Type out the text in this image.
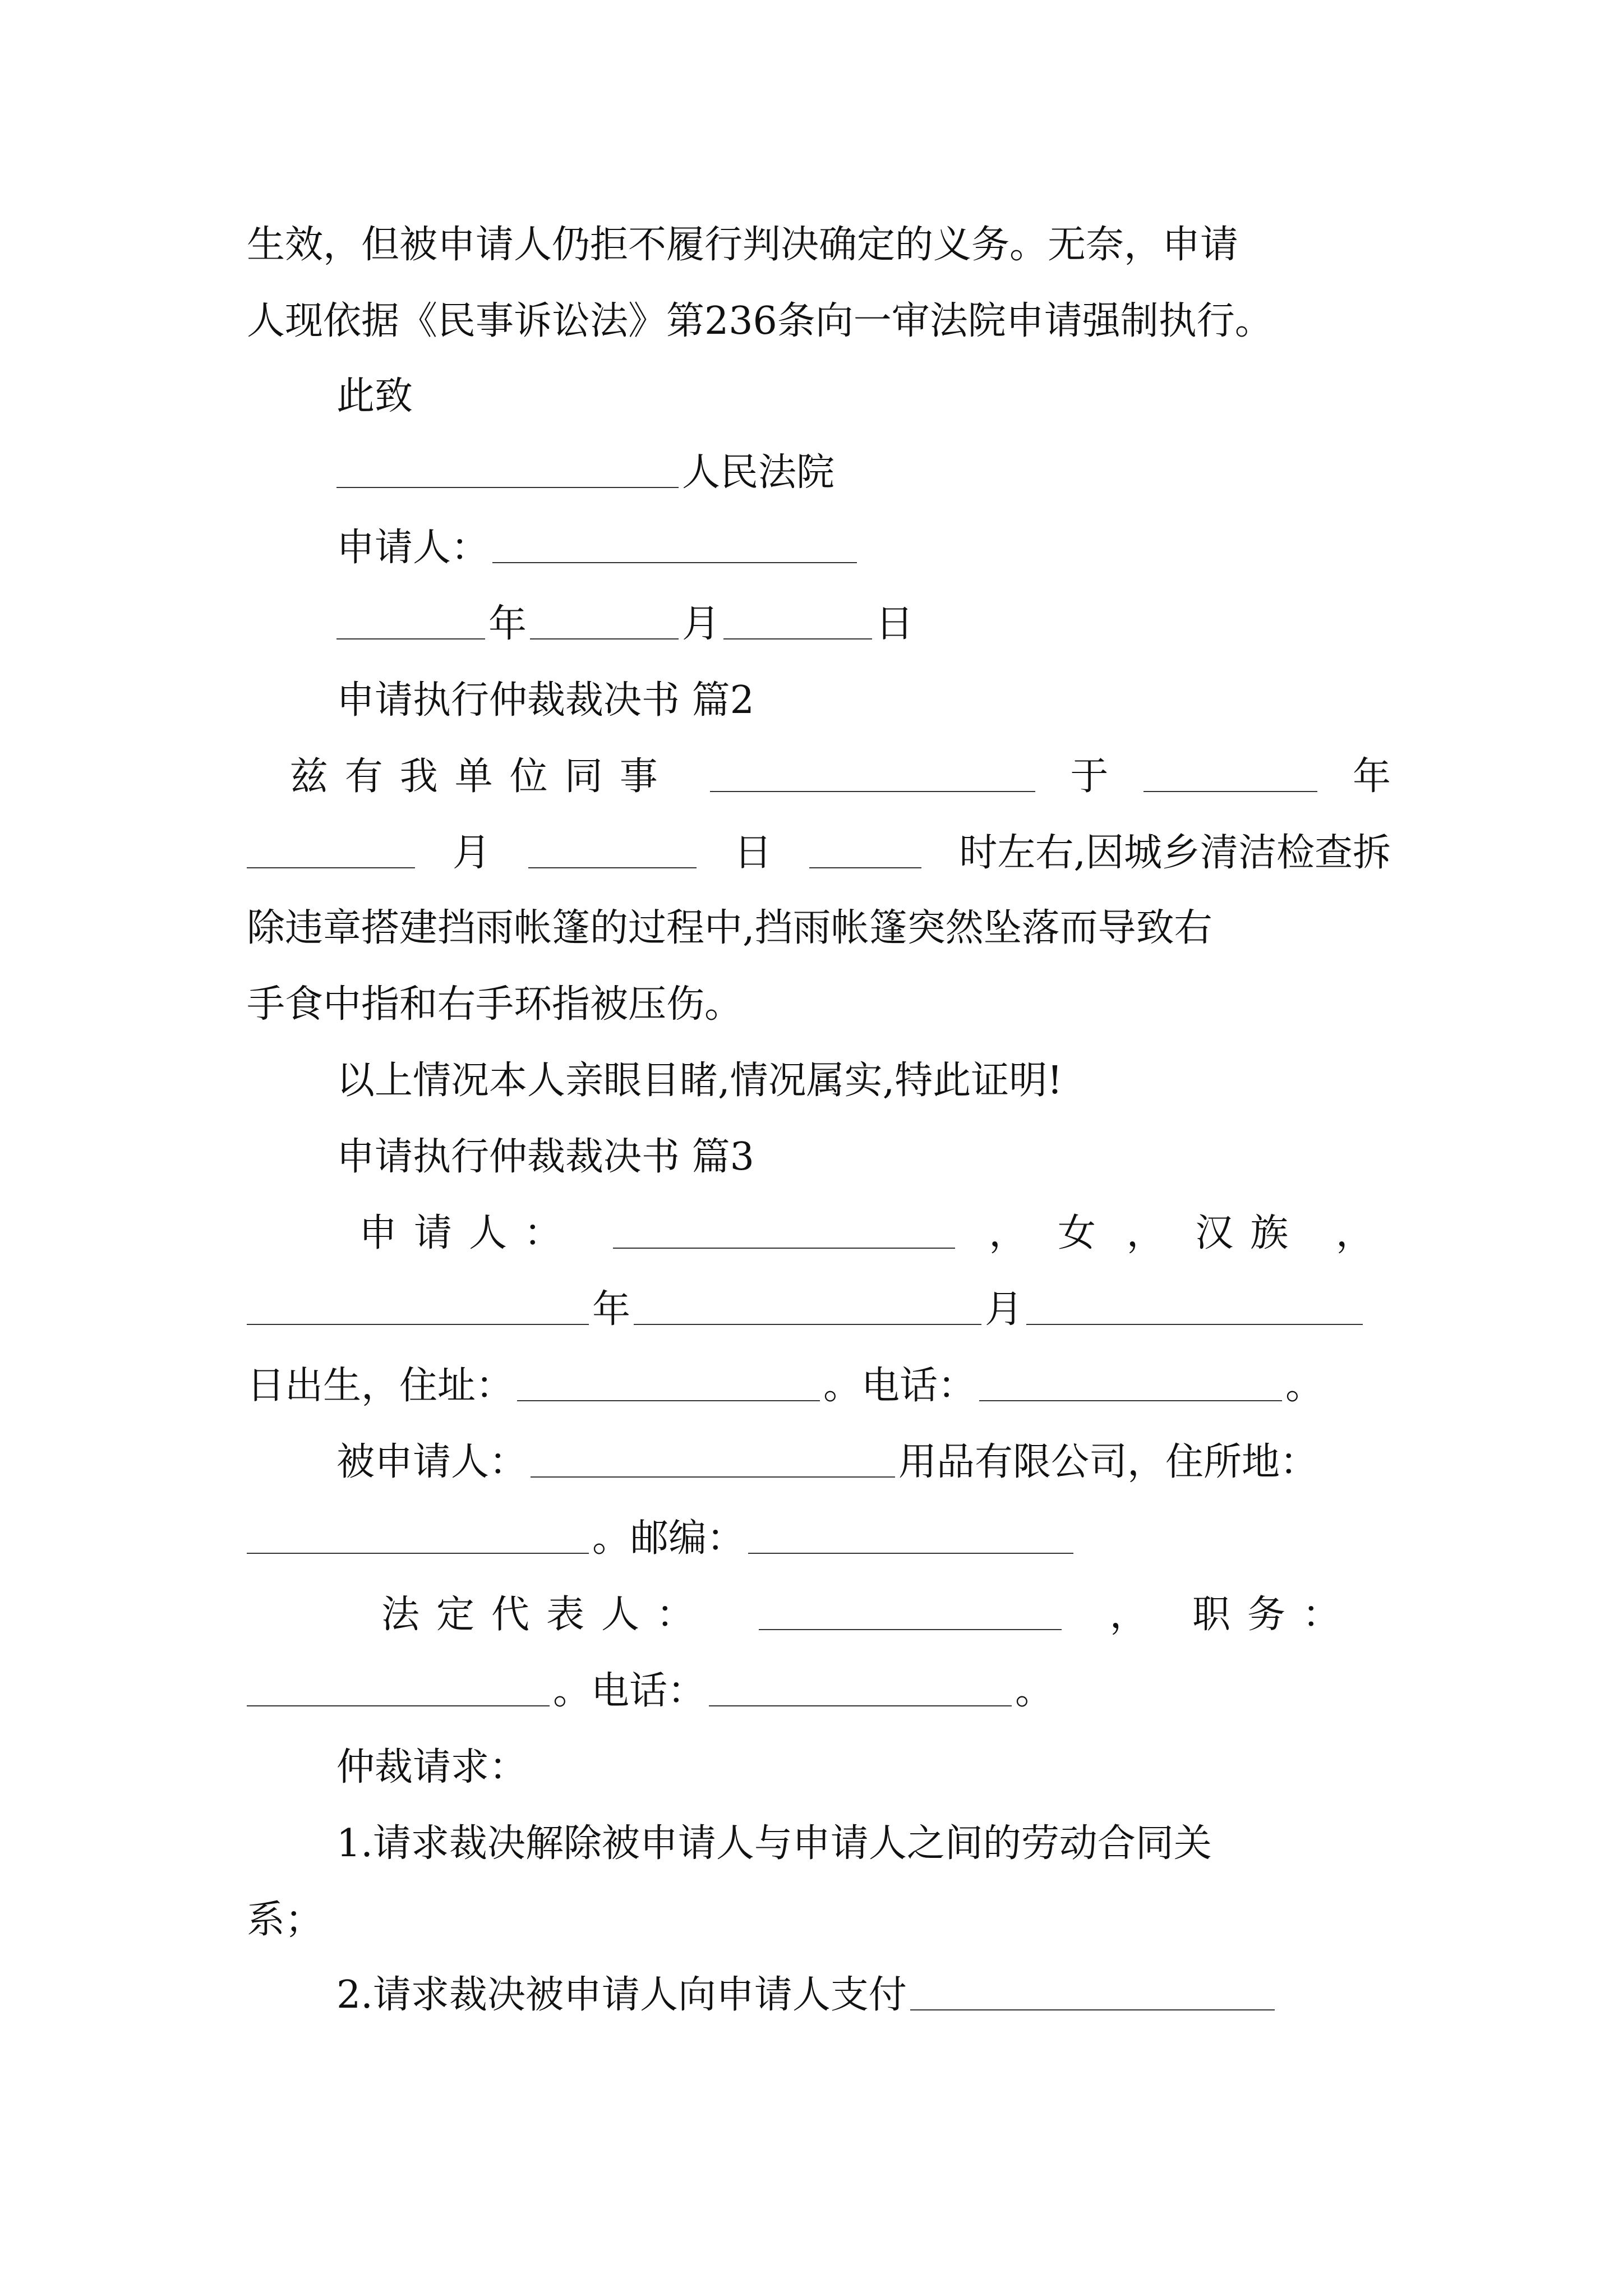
生效，但被申请人仍拒不履行判决确定的义务。无奈，申请
人现依据《民事诉讼法》第236条向一审法院申请强制执行。
此致
人民法院
申请人：
年	月	日
申请执行仲裁裁决书 篇2
兹有我单位同事	于	年
月	日	时左右,因城乡清洁检查拆
除违章搭建挡雨帐篷的过程中,挡雨帐篷突然坠落而导致右
手食中指和右手环指被压伤。
以上情况本人亲眼目睹,情况属实,特此证明!
申请执行仲裁裁决书 篇3
申请人：	， 女 ， 汉族 ，
年	月
日出生，住址：	。电话：	。
被申请人：	用品有限公司，住所地：
。邮编：
法定代表人：	， 职务：
。电话：	。
仲裁请求：
1.请求裁决解除被申请人与申请人之间的劳动合同关
系；
2.请求裁决被申请人向申请人支付
